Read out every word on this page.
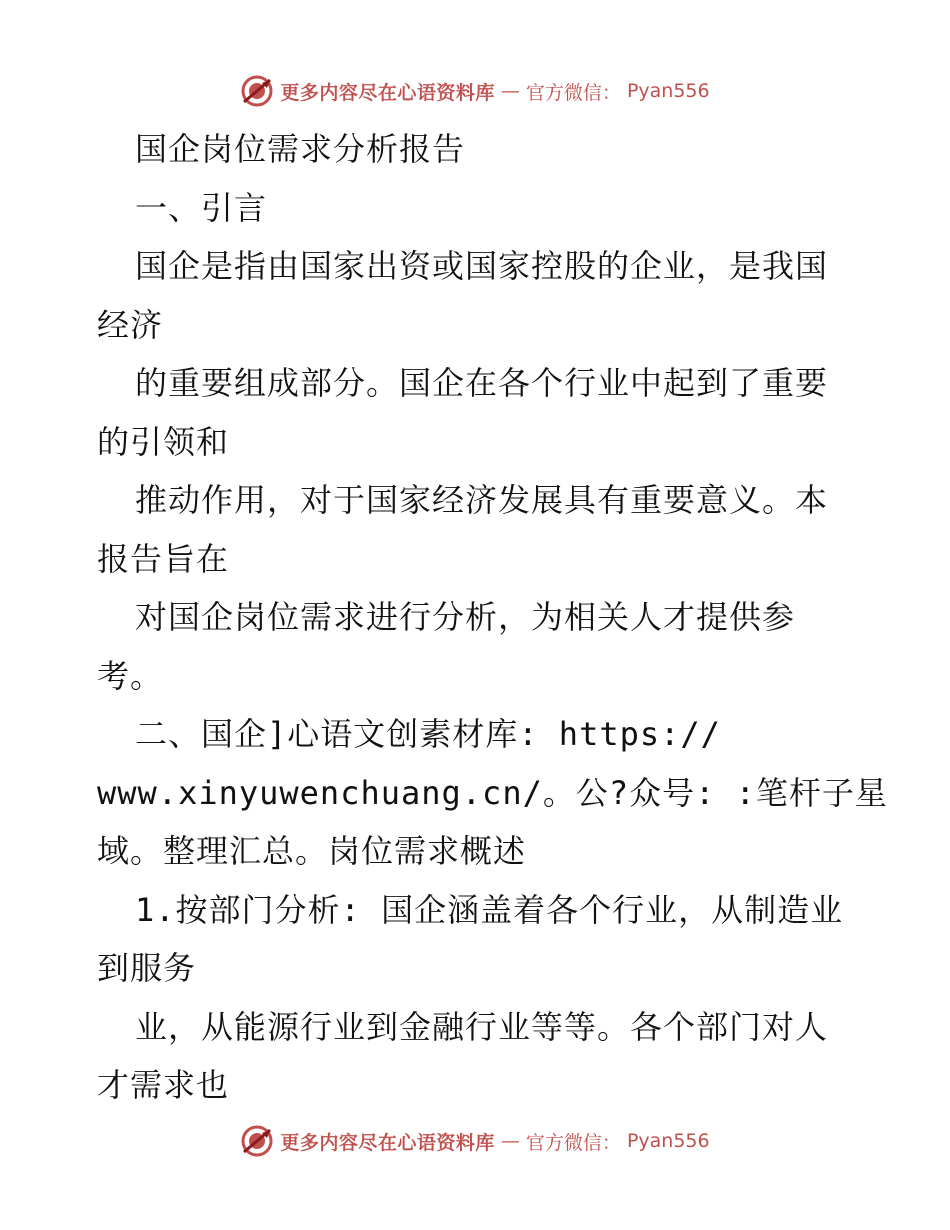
更多内容尽在心语资料库 — 官方微信： Pyan556
国企岗位需求分析报告
一、引言
国企是指由国家出资或国家控股的企业，是我国
经济
的重要组成部分。国企在各个行业中起到了重要
的引领和
推动作用，对于国家经济发展具有重要意义。本
报告旨在
对国企岗位需求进行分析，为相关人才提供参
考。
二、国企]心语文创素材库: https://
www.xinyuwenchuang.cn/。公?众号: :笔杆子星
域。整理汇总。岗位需求概述
1.按部门分析: 国企涵盖着各个行业，从制造业
到服务
业，从能源行业到金融行业等等。各个部门对人
才需求也
更多内容尽在心语资料库 — 官方微信： Pyan556
